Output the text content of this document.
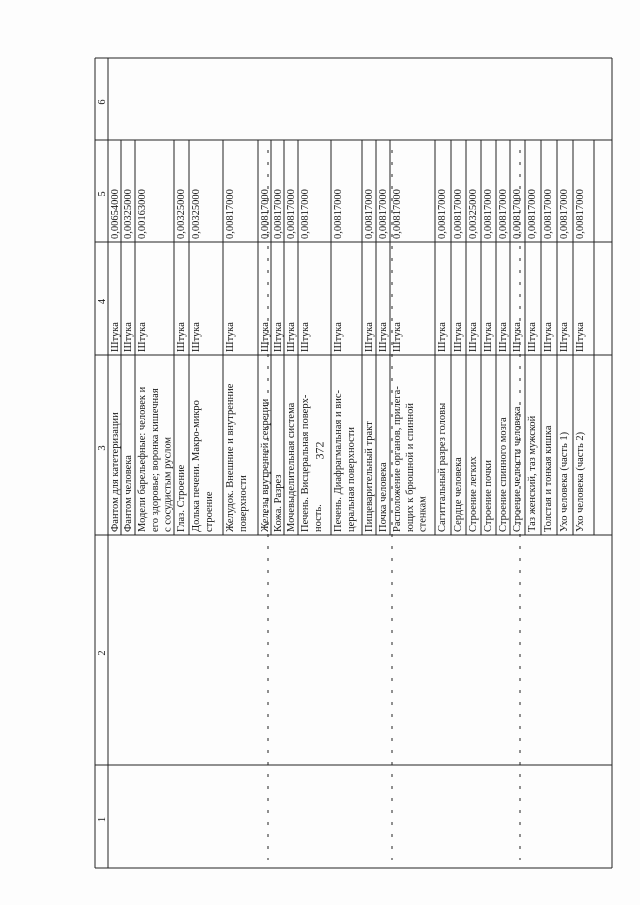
372
1
2
3
4
5
6
Фантом для катетеризации
Штука
0,00654000
Фантом человека
Штука
0,00325000
Модели барельефные: человек и его здоровье; воронка кишечная с сосудистым руслом
Штука
0,00163000
Глаз. Строение
Штука
0,00325000
Долька печени. Макро-микро строение
Штука
0,00325000
Желудок. Внешние и внутренние поверхности
Штука
0,00817000
Железы внутренней секреции
Штука
0,00817000
Кожа. Разрез
Штука
0,00817000
Мочевыделительная система
Штука
0,00817000
Печень. Висцеральная поверх- ность.
Штука
0,00817000
Печень. Диафрагмальная и вис- церальная поверхности
Штука
0,00817000
Пищеварительный тракт
Штука
0,00817000
Почка человека
Штука
0,00817000
Расположение органов, прилега- ющих к брюшной и спинной стенкам
Штука
0,00817000
Сагиттальный разрез головы
Штука
0,00817000
Сердце человека
Штука
0,00817000
Строение легких
Штука
0,00325000
Строение почки
Штука
0,00817000
Строение спинного мозга
Штука
0,00817000
Строение челюсти человека
Штука
0,00817000
Таз женский, таз мужской
Штука
0,00817000
Толстая и тонкая кишка
Штука
0,00817000
Ухо человека (часть 1)
Штука
0,00817000
Ухо человека (часть 2)
Штука
0,00817000
